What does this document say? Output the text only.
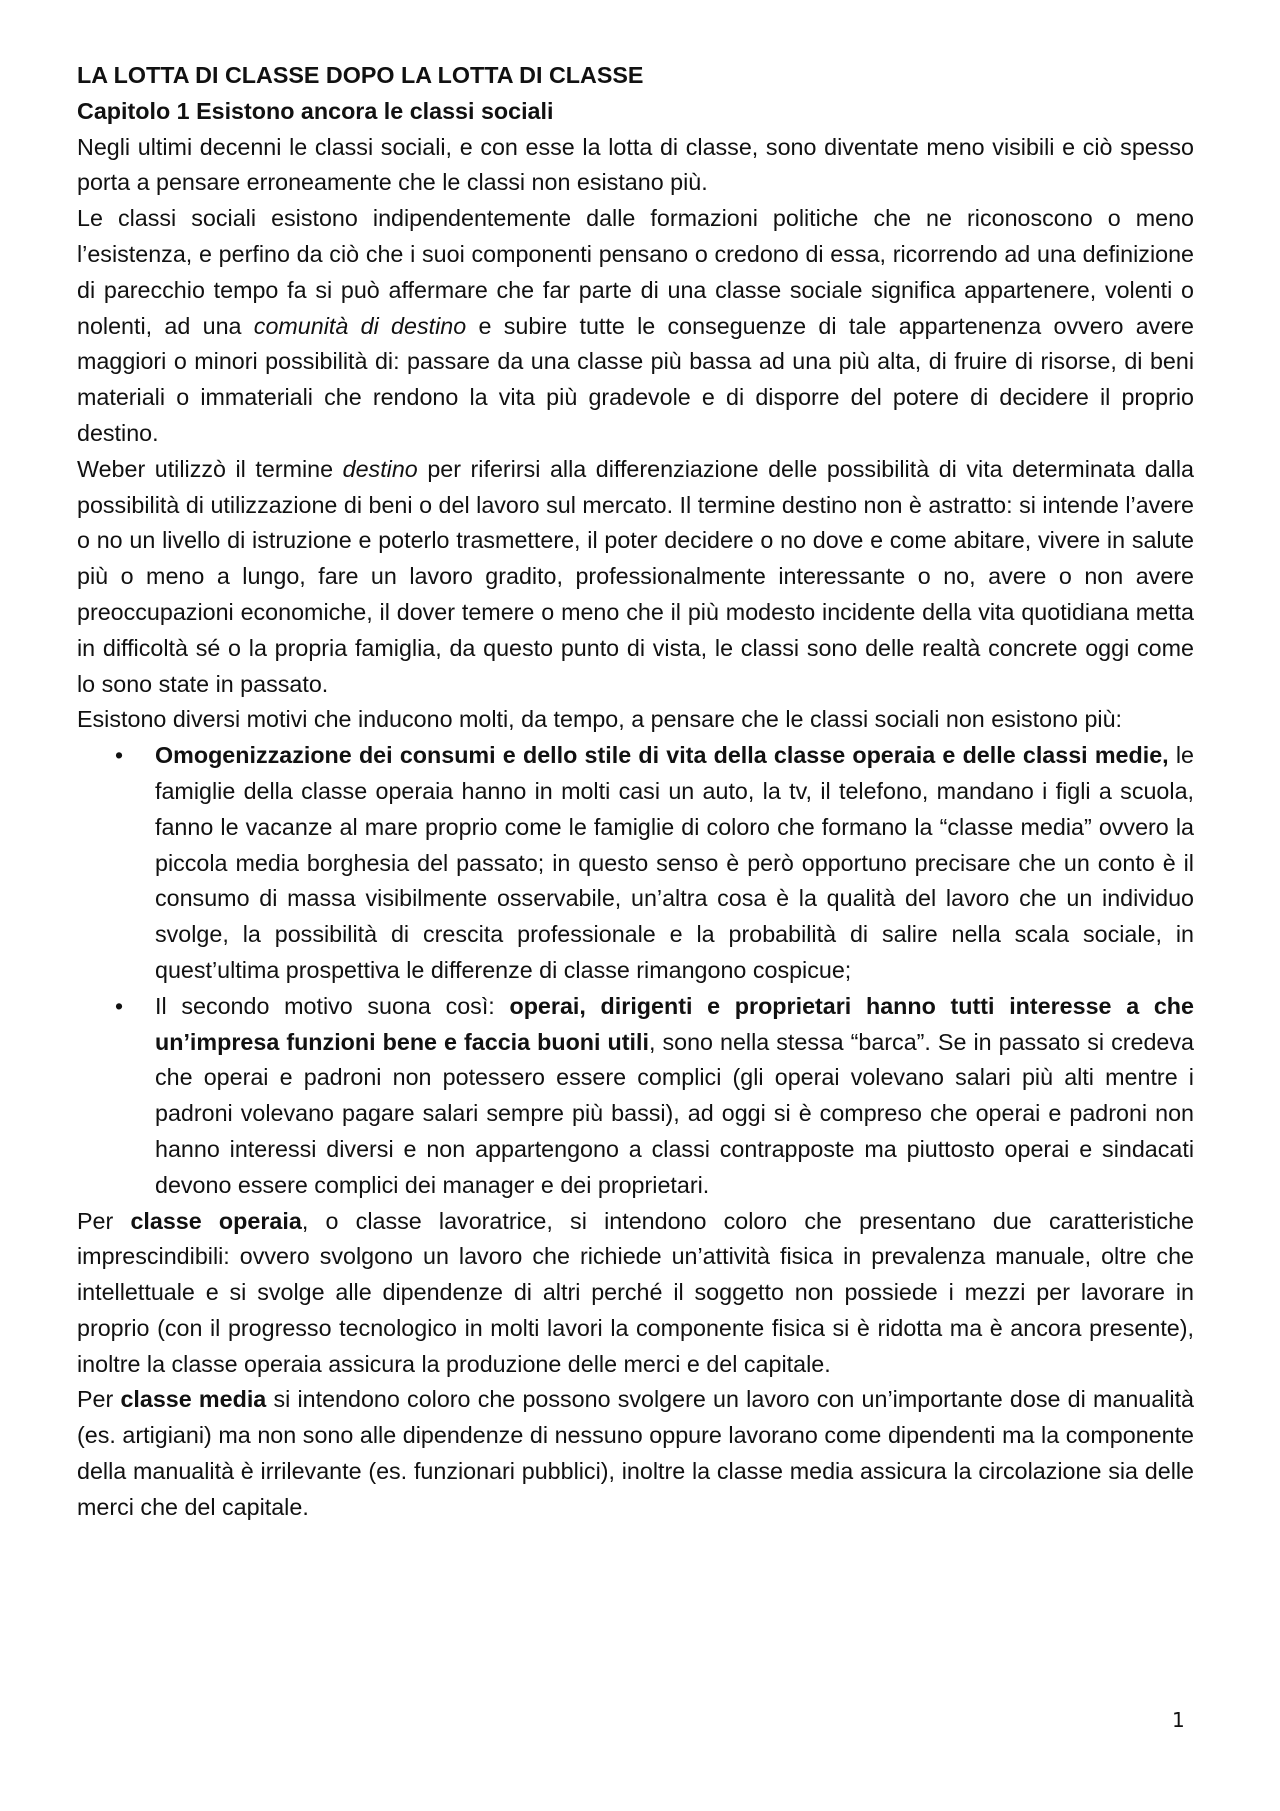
LA LOTTA DI CLASSE DOPO LA LOTTA DI CLASSE
Capitolo 1 Esistono ancora le classi sociali

Negli ultimi decenni le classi sociali, e con esse la lotta di classe, sono diventate meno visibili e ciò spesso porta a pensare erroneamente che le classi non esistano più.

Le classi sociali esistono indipendentemente dalle formazioni politiche che ne riconoscono o meno l’esistenza, e perfino da ciò che i suoi componenti pensano o credono di essa, ricorrendo ad una definizione di parecchio tempo fa si può affermare che far parte di una classe sociale significa appartenere, volenti o nolenti, ad una comunità di destino e subire tutte le conseguenze di tale appartenenza ovvero avere maggiori o minori possibilità di: passare da una classe più bassa ad una più alta, di fruire di risorse, di beni materiali o immateriali che rendono la vita più gradevole e di disporre del potere di decidere il proprio destino.

Weber utilizzò il termine destino per riferirsi alla differenziazione delle possibilità di vita determinata dalla possibilità di utilizzazione di beni o del lavoro sul mercato. Il termine destino non è astratto: si intende l’avere o no un livello di istruzione e poterlo trasmettere, il poter decidere o no dove e come abitare, vivere in salute più o meno a lungo, fare un lavoro gradito, professionalmente interessante o no, avere o non avere preoccupazioni economiche, il dover temere o meno che il più modesto incidente della vita quotidiana metta in difficoltà sé o la propria famiglia, da questo punto di vista, le classi sono delle realtà concrete oggi come lo sono state in passato.

Esistono diversi motivi che inducono molti, da tempo, a pensare che le classi sociali non esistono più:

• Omogenizzazione dei consumi e dello stile di vita della classe operaia e delle classi medie, le famiglie della classe operaia hanno in molti casi un auto, la tv, il telefono, mandano i figli a scuola, fanno le vacanze al mare proprio come le famiglie di coloro che formano la “classe media” ovvero la piccola media borghesia del passato; in questo senso è però opportuno precisare che un conto è il consumo di massa visibilmente osservabile, un’altra cosa è la qualità del lavoro che un individuo svolge, la possibilità di crescita professionale e la probabilità di salire nella scala sociale, in quest’ultima prospettiva le differenze di classe rimangono cospicue;
• Il secondo motivo suona così: operai, dirigenti e proprietari hanno tutti interesse a che un’impresa funzioni bene e faccia buoni utili, sono nella stessa “barca”. Se in passato si credeva che operai e padroni non potessero essere complici (gli operai volevano salari più alti mentre i padroni volevano pagare salari sempre più bassi), ad oggi si è compreso che operai e padroni non hanno interessi diversi e non appartengono a classi contrapposte ma piuttosto operai e sindacati devono essere complici dei manager e dei proprietari.

Per classe operaia, o classe lavoratrice, si intendono coloro che presentano due caratteristiche imprescindibili: ovvero svolgono un lavoro che richiede un’attività fisica in prevalenza manuale, oltre che intellettuale e si svolge alle dipendenze di altri perché il soggetto non possiede i mezzi per lavorare in proprio (con il progresso tecnologico in molti lavori la componente fisica si è ridotta ma è ancora presente), inoltre la classe operaia assicura la produzione delle merci e del capitale.

Per classe media si intendono coloro che possono svolgere un lavoro con un’importante dose di manualità (es. artigiani) ma non sono alle dipendenze di nessuno oppure lavorano come dipendenti ma la componente della manualità è irrilevante (es. funzionari pubblici), inoltre la classe media assicura la circolazione sia delle merci che del capitale.

1
